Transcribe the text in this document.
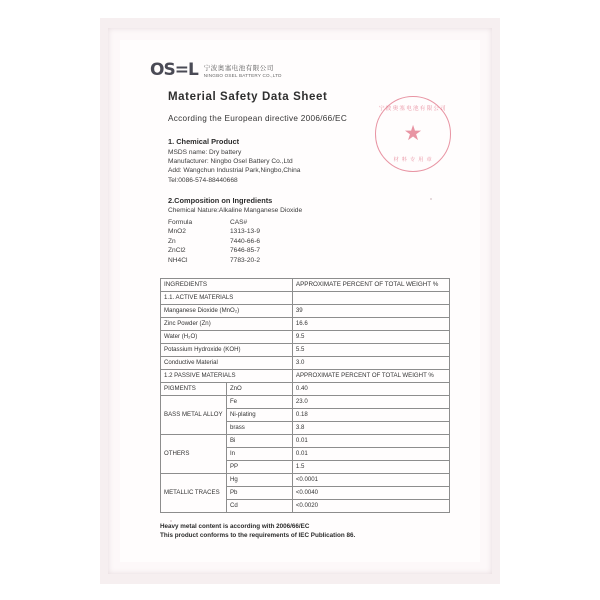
OS=L 宁波奥塞电池有限公司
NINGBO OSEL BATTERY CO.,LTD
Material Safety Data Sheet
According the European directive 2006/66/EC
1. Chemical Product
MSDS name: Dry battery
Manufacturer: Ningbo Osel Battery Co.,Ltd
Add: Wangchun Industrial Park,Ningbo,China
Tel:0086-574-88440668
2.Composition on Ingredients
Chemical Nature:Alkaline Manganese Dioxide
Formula	CAS#
MnO2	1313-13-9
Zn	7440-66-6
ZnCl2	7646-85-7
NH4Cl	7783-20-2
INGREDIENTS		APPROXIMATE PERCENT OF TOTAL WEIGHT %
1.1. ACTIVE MATERIALS		
Manganese Dioxide (MnO₂)		39
Zinc Powder (Zn)		16.6
Water (H₂O)		9.5
Potassium Hydroxide (KOH)		5.5
Conductive Material		3.0
1.2 PASSIVE MATERIALS		APPROXIMATE PERCENT OF TOTAL WEIGHT %
PIGMENTS	ZnO	0.40
BASS METAL ALLOY	Fe	23.0
	Ni-plating	0.18
	brass	3.8
OTHERS	Bi	0.01
	In	0.01
	PP	1.5
METALLIC TRACES	Hg	<0.0001
	Pb	<0.0040
	Cd	<0.0020
Heavy metal content is according with 2006/66/EC
This product conforms to the requirements of IEC Publication 86.
宁波奥塞电池有限公司
★
材 料 专 用 章
